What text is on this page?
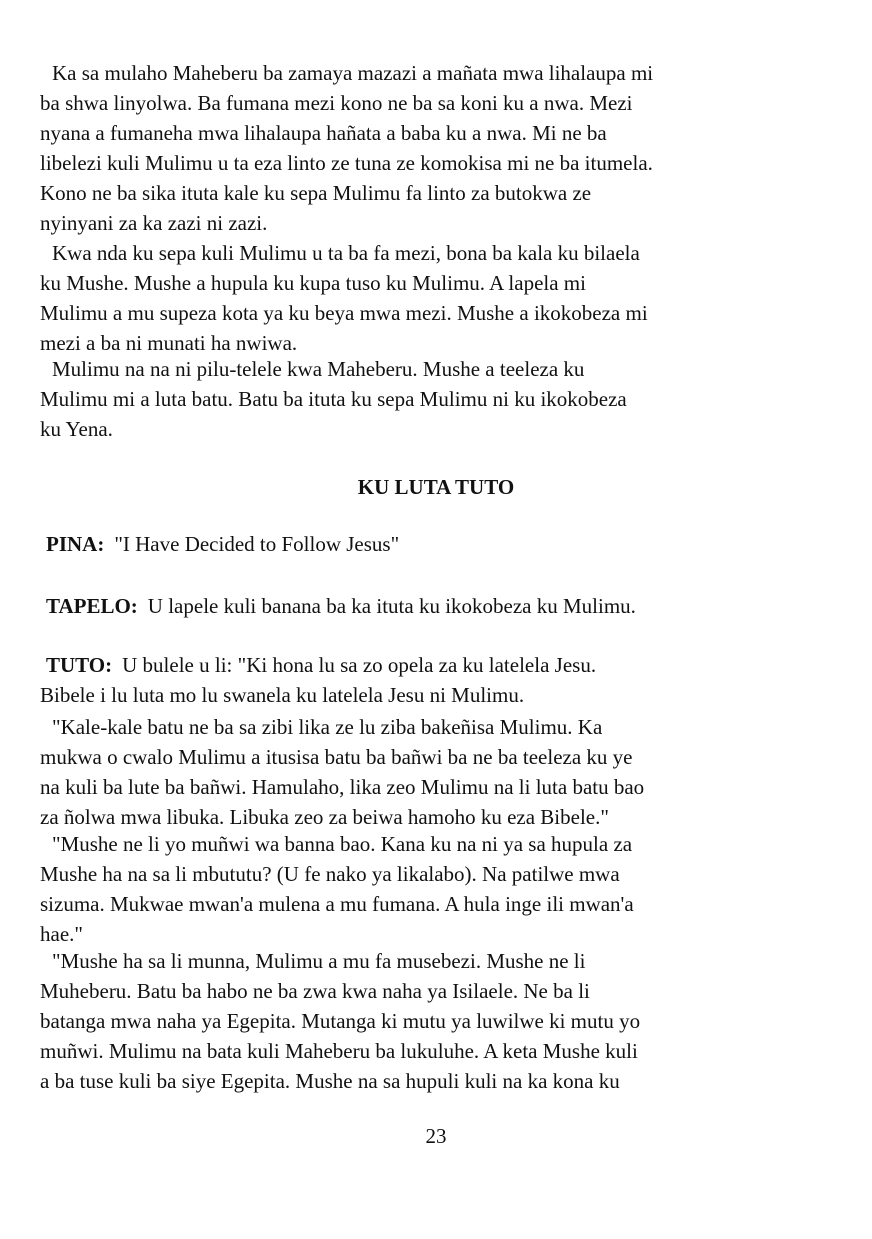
Ka sa mulaho Maheberu ba zamaya mazazi a mañata mwa lihalaupa mi

ba shwa linyolwa. Ba fumana mezi kono ne ba sa koni ku a nwa. Mezi

nyana a fumaneha mwa lihalaupa hañata a baba ku a nwa. Mi ne ba

libelezi kuli Mulimu u ta eza linto ze tuna ze komokisa mi ne ba itumela.

Kono ne ba sika ituta kale ku sepa Mulimu fa linto za butokwa ze

nyinyani za ka zazi ni zazi.

Kwa nda ku sepa kuli Mulimu u ta ba fa mezi, bona ba kala ku bilaela

ku Mushe. Mushe a hupula ku kupa tuso ku Mulimu. A lapela mi

Mulimu a mu supeza kota ya ku beya mwa mezi. Mushe a ikokobeza mi

mezi a ba ni munati ha nwiwa.

Mulimu na na ni pilu-telele kwa Maheberu. Mushe a teeleza ku

Mulimu mi a luta batu. Batu ba ituta ku sepa Mulimu ni ku ikokobeza

ku Yena.

KU LUTA TUTO

PINA: "I Have Decided to Follow Jesus"

TAPELO: U lapele kuli banana ba ka ituta ku ikokobeza ku Mulimu.

TUTO: U bulele u li: "Ki hona lu sa zo opela za ku latelela Jesu.

Bibele i lu luta mo lu swanela ku latelela Jesu ni Mulimu.

"Kale-kale batu ne ba sa zibi lika ze lu ziba bakeñisa Mulimu. Ka

mukwa o cwalo Mulimu a itusisa batu ba bañwi ba ne ba teeleza ku ye

na kuli ba lute ba bañwi. Hamulaho, lika zeo Mulimu na li luta batu bao

za ñolwa mwa libuka. Libuka zeo za beiwa hamoho ku eza Bibele."

"Mushe ne li yo muñwi wa banna bao. Kana ku na ni ya sa hupula za

Mushe ha na sa li mbututu? (U fe nako ya likalabo). Na patilwe mwa

sizuma. Mukwae mwan'a mulena a mu fumana. A hula inge ili mwan'a

hae."

"Mushe ha sa li munna, Mulimu a mu fa musebezi. Mushe ne li

Muheberu. Batu ba habo ne ba zwa kwa naha ya Isilaele. Ne ba li

batanga mwa naha ya Egepita. Mutanga ki mutu ya luwilwe ki mutu yo

muñwi. Mulimu na bata kuli Maheberu ba lukuluhe. A keta Mushe kuli

a ba tuse kuli ba siye Egepita. Mushe na sa hupuli kuli na ka kona ku

23
